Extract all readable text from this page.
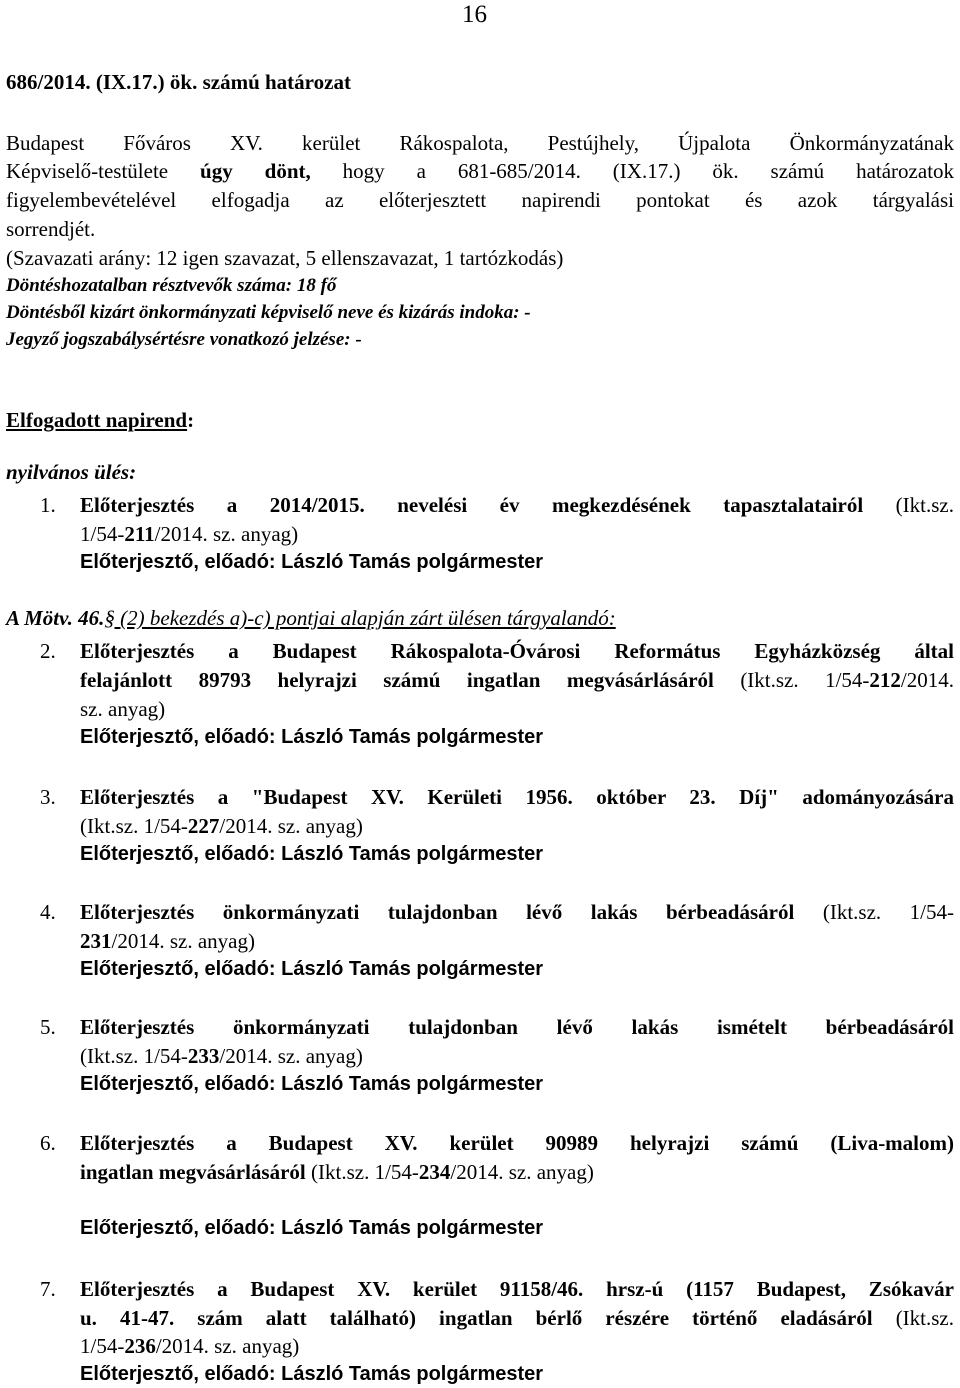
16
686/2014. (IX.17.) ök. számú határozat
Budapest Főváros XV. kerület Rákospalota, Pestújhely, Újpalota Önkormányzatának
Képviselő-testülete úgy dönt, hogy a 681-685/2014. (IX.17.) ök. számú határozatok
figyelembevételével elfogadja az előterjesztett napirendi pontokat és azok tárgyalási
sorrendjét.
(Szavazati arány: 12 igen szavazat, 5 ellenszavazat, 1 tartózkodás)
Döntéshozatalban résztvevők száma: 18 fő
Döntésből kizárt önkormányzati képviselő neve és kizárás indoka: -
Jegyző jogszabálysértésre vonatkozó jelzése: -
Elfogadott napirend:
nyilvános ülés:
1. Előterjesztés a 2014/2015. nevelési év megkezdésének tapasztalatairól (Ikt.sz.
1/54-211/2014. sz. anyag)
Előterjesztő, előadó: László Tamás polgármester
A Mötv. 46.§ (2) bekezdés a)-c) pontjai alapján zárt ülésen tárgyalandó:
2. Előterjesztés a Budapest Rákospalota-Óvárosi Református Egyházközség által
felajánlott 89793 helyrajzi számú ingatlan megvásárlásáról (Ikt.sz. 1/54-212/2014.
sz. anyag)
Előterjesztő, előadó: László Tamás polgármester
3. Előterjesztés a "Budapest XV. Kerületi 1956. október 23. Díj" adományozására
(Ikt.sz. 1/54-227/2014. sz. anyag)
Előterjesztő, előadó: László Tamás polgármester
4. Előterjesztés önkormányzati tulajdonban lévő lakás bérbeadásáról (Ikt.sz. 1/54-
231/2014. sz. anyag)
Előterjesztő, előadó: László Tamás polgármester
5. Előterjesztés önkormányzati tulajdonban lévő lakás ismételt bérbeadásáról
(Ikt.sz. 1/54-233/2014. sz. anyag)
Előterjesztő, előadó: László Tamás polgármester
6. Előterjesztés a Budapest XV. kerület 90989 helyrajzi számú (Liva-malom)
ingatlan megvásárlásáról (Ikt.sz. 1/54-234/2014. sz. anyag)
Előterjesztő, előadó: László Tamás polgármester
7. Előterjesztés a Budapest XV. kerület 91158/46. hrsz-ú (1157 Budapest, Zsókavár
u. 41-47. szám alatt található) ingatlan bérlő részére történő eladásáról (Ikt.sz.
1/54-236/2014. sz. anyag)
Előterjesztő, előadó: László Tamás polgármester
